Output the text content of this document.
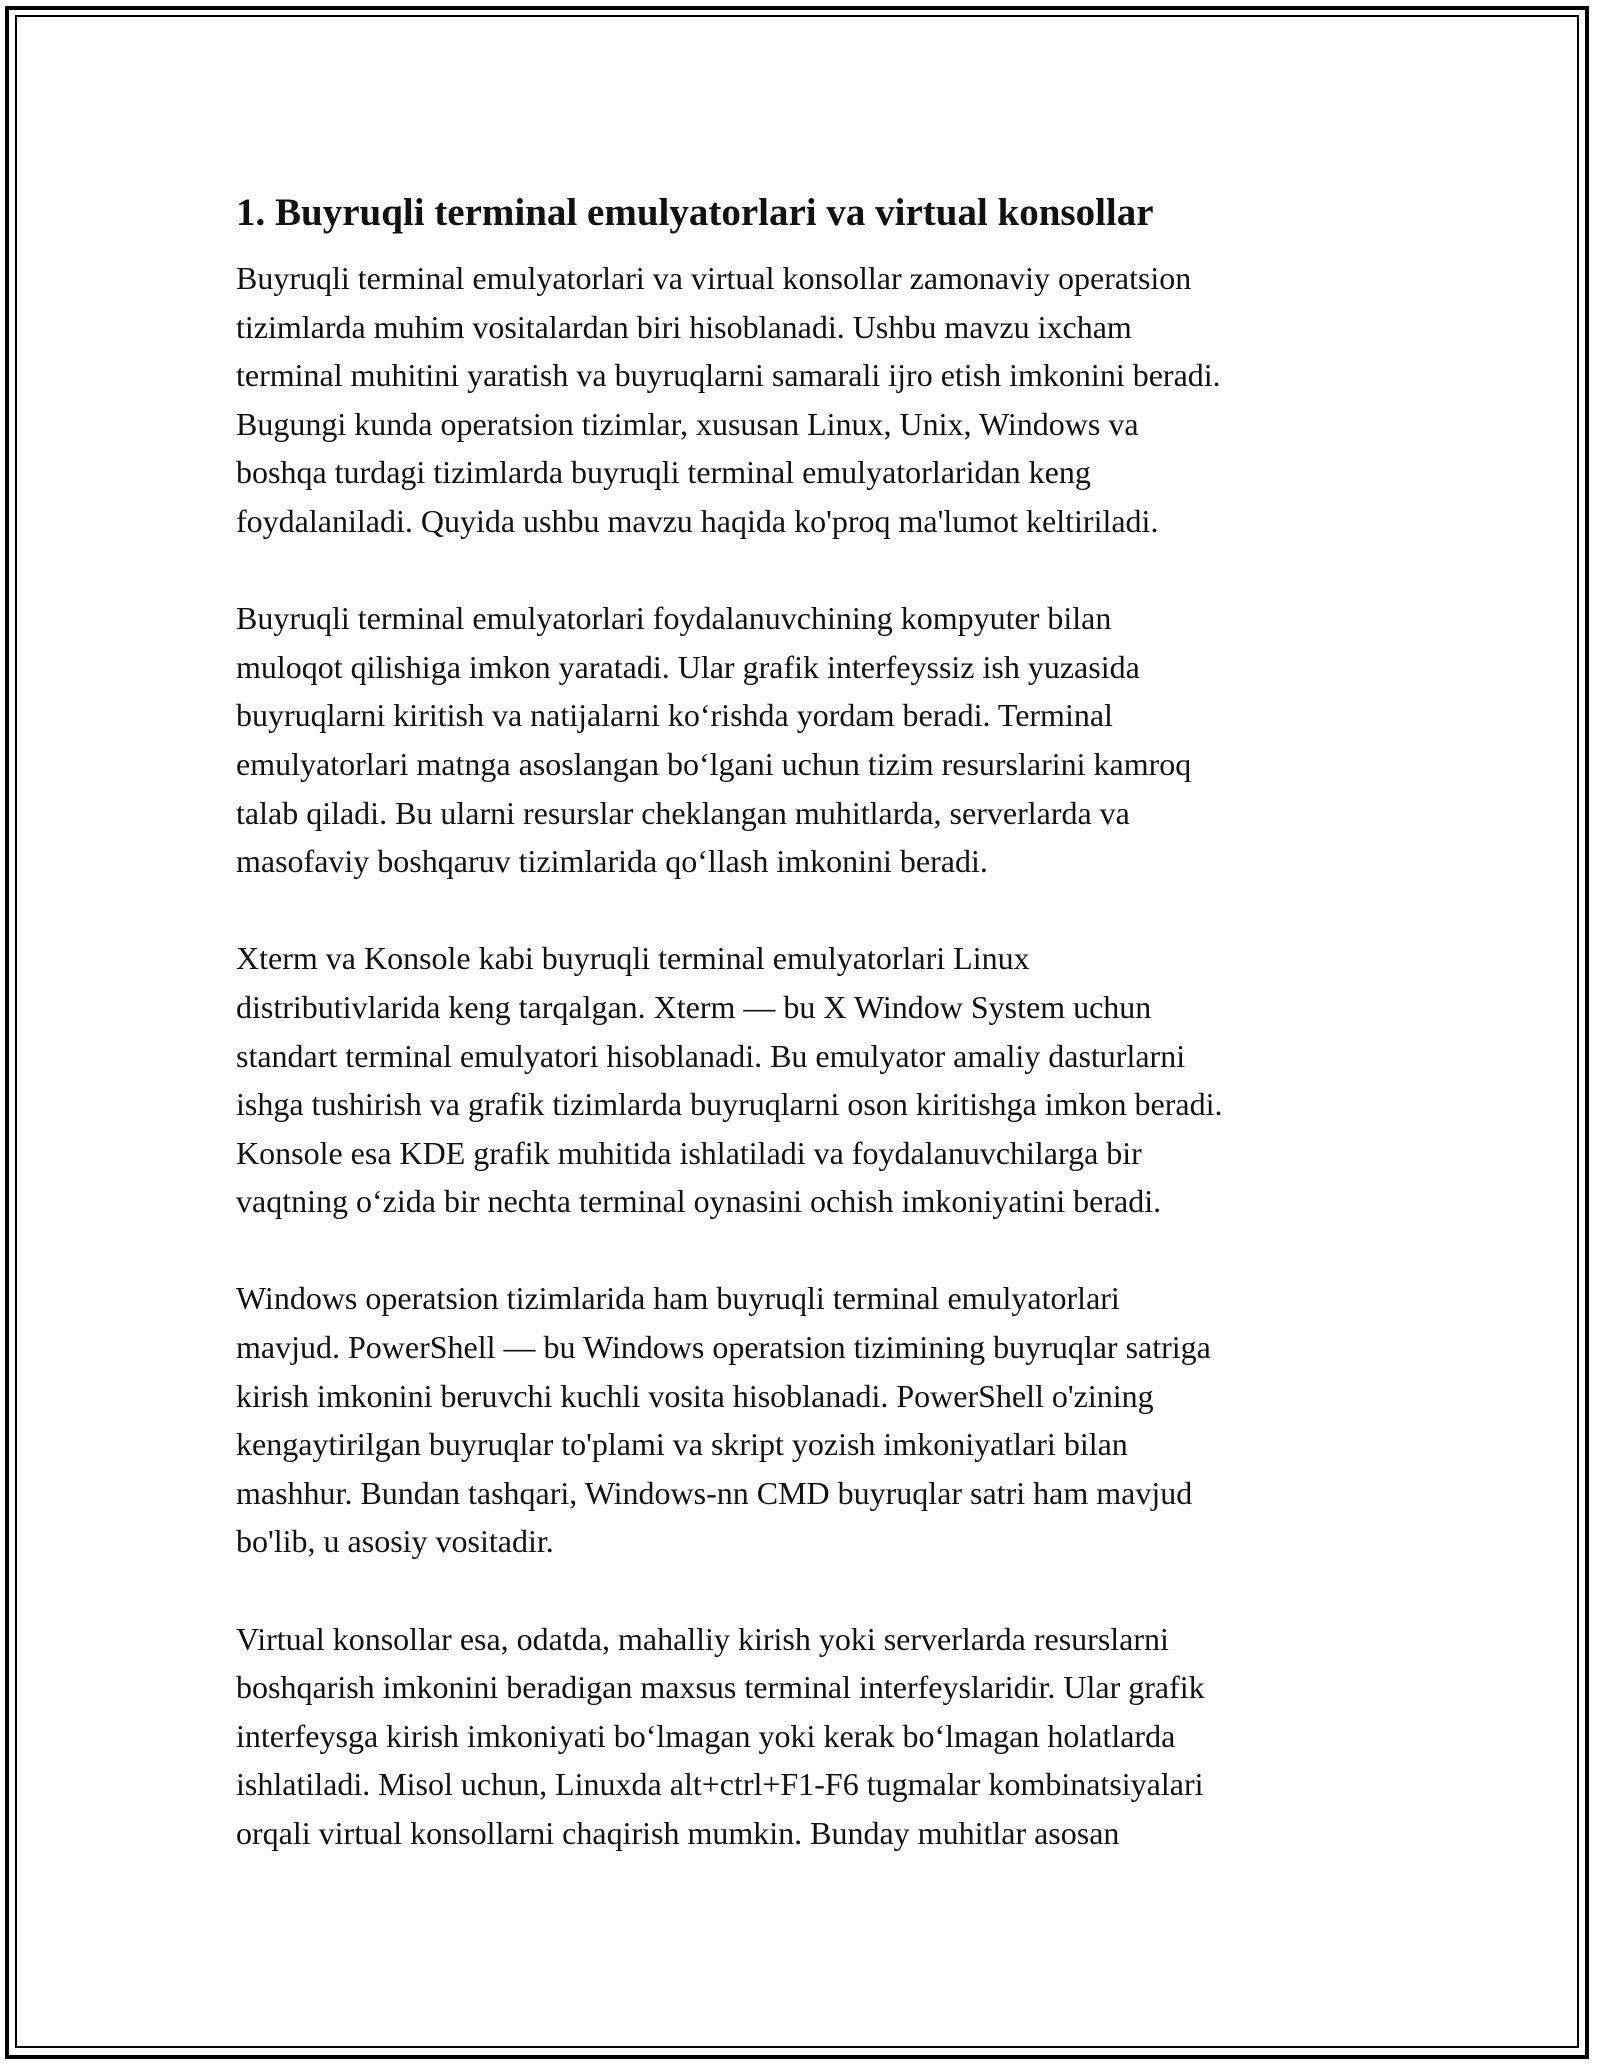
1. Buyruqli terminal emulyatorlari va virtual konsollar

Buyruqli terminal emulyatorlari va virtual konsollar zamonaviy operatsion
tizimlarda muhim vositalardan biri hisoblanadi. Ushbu mavzu ixcham
terminal muhitini yaratish va buyruqlarni samarali ijro etish imkonini beradi.
Bugungi kunda operatsion tizimlar, xususan Linux, Unix, Windows va
boshqa turdagi tizimlarda buyruqli terminal emulyatorlaridan keng
foydalaniladi. Quyida ushbu mavzu haqida ko'proq ma'lumot keltiriladi.

Buyruqli terminal emulyatorlari foydalanuvchining kompyuter bilan
muloqot qilishiga imkon yaratadi. Ular grafik interfeyssiz ish yuzasida
buyruqlarni kiritish va natijalarni koʻrishda yordam beradi. Terminal
emulyatorlari matnga asoslangan boʻlgani uchun tizim resurslarini kamroq
talab qiladi. Bu ularni resurslar cheklangan muhitlarda, serverlarda va
masofaviy boshqaruv tizimlarida qoʻllash imkonini beradi.

Xterm va Konsole kabi buyruqli terminal emulyatorlari Linux
distributivlarida keng tarqalgan. Xterm — bu X Window System uchun
standart terminal emulyatori hisoblanadi. Bu emulyator amaliy dasturlarni
ishga tushirish va grafik tizimlarda buyruqlarni oson kiritishga imkon beradi.
Konsole esa KDE grafik muhitida ishlatiladi va foydalanuvchilarga bir
vaqtning oʻzida bir nechta terminal oynasini ochish imkoniyatini beradi.

Windows operatsion tizimlarida ham buyruqli terminal emulyatorlari
mavjud. PowerShell — bu Windows operatsion tizimining buyruqlar satriga
kirish imkonini beruvchi kuchli vosita hisoblanadi. PowerShell o'zining
kengaytirilgan buyruqlar to'plami va skript yozish imkoniyatlari bilan
mashhur. Bundan tashqari, Windows-nn CMD buyruqlar satri ham mavjud
bo'lib, u asosiy vositadir.

Virtual konsollar esa, odatda, mahalliy kirish yoki serverlarda resurslarni
boshqarish imkonini beradigan maxsus terminal interfeyslaridir. Ular grafik
interfeysga kirish imkoniyati boʻlmagan yoki kerak boʻlmagan holatlarda
ishlatiladi. Misol uchun, Linuxda alt+ctrl+F1-F6 tugmalar kombinatsiyalari
orqali virtual konsollarni chaqirish mumkin. Bunday muhitlar asosan
